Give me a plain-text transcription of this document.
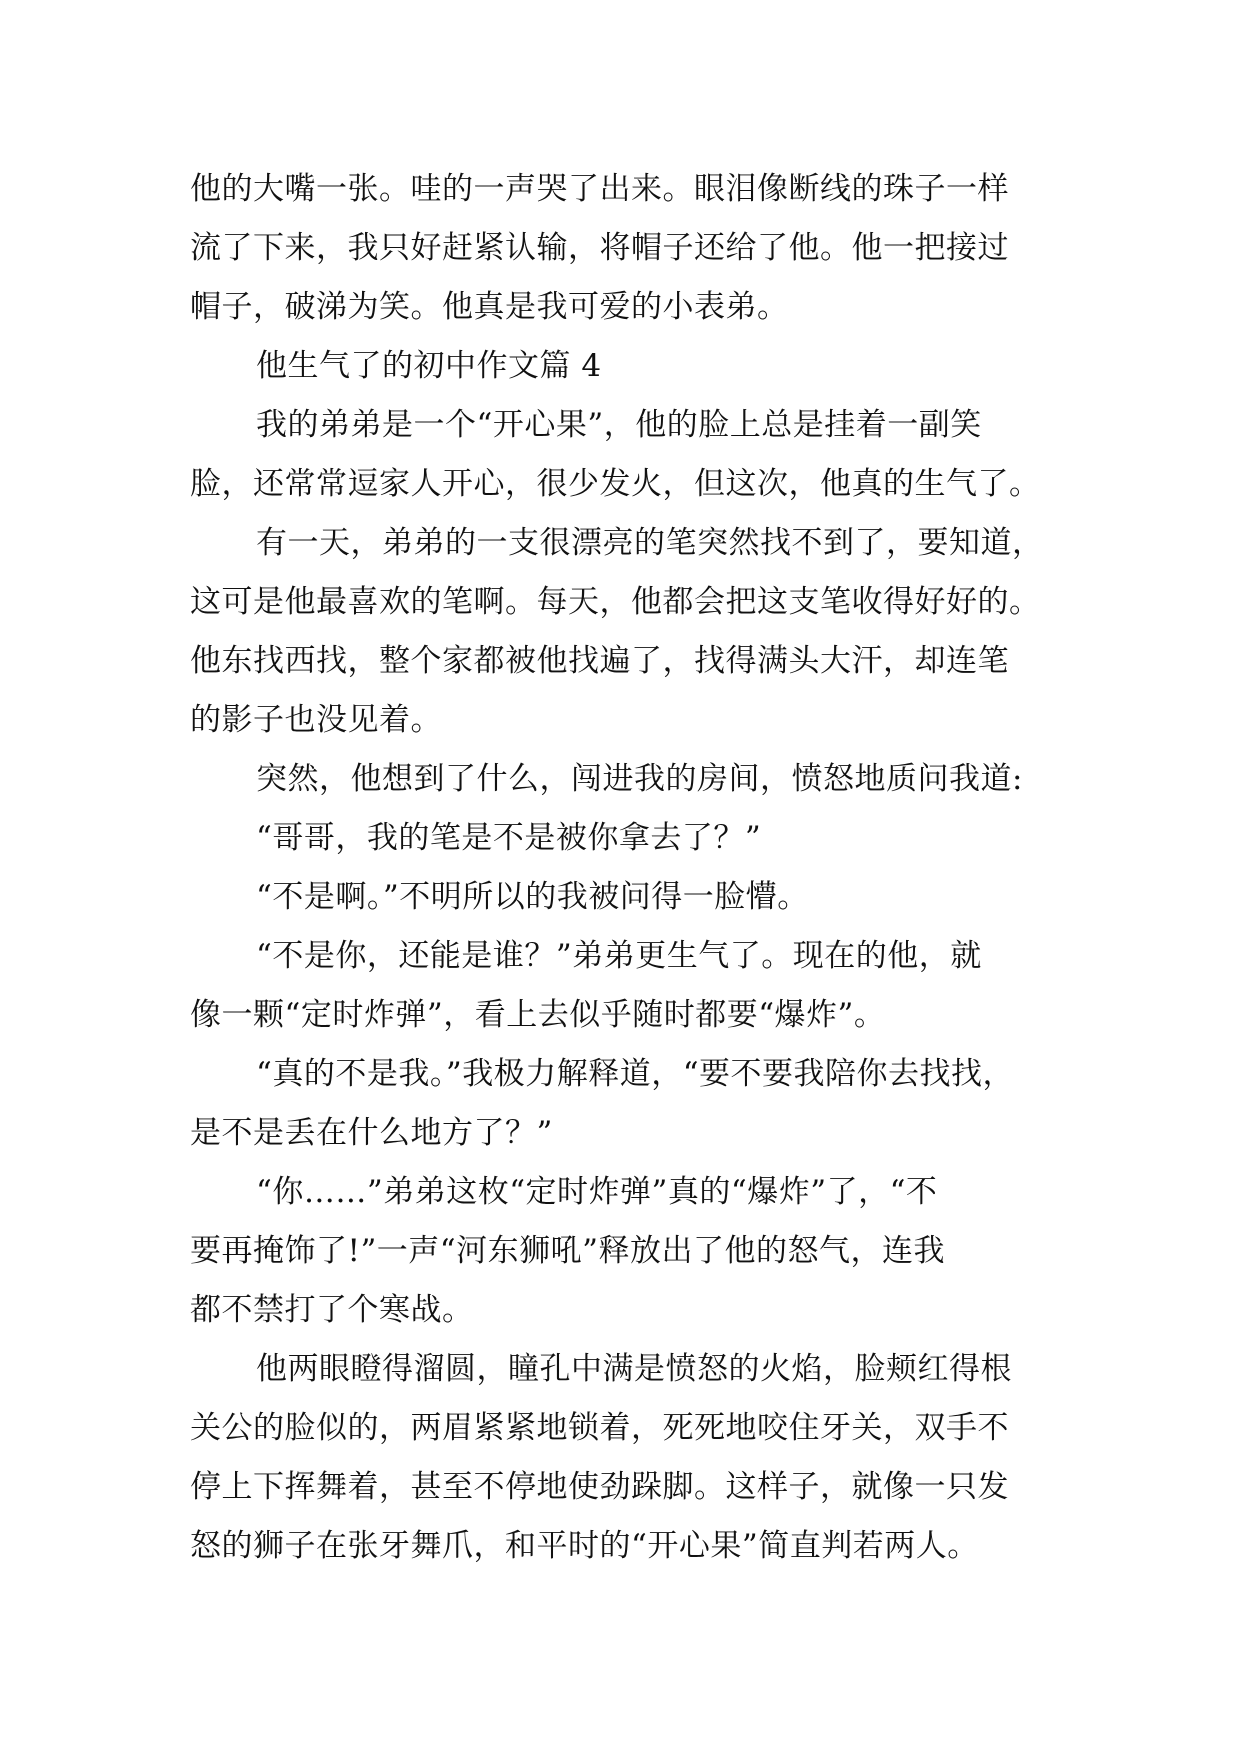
他的大嘴一张。哇的一声哭了出来。眼泪像断线的珠子一样
流了下来，我只好赶紧认输，将帽子还给了他。他一把接过
帽子，破涕为笑。他真是我可爱的小表弟。
他生气了的初中作文篇 4
我的弟弟是一个“开心果”，他的脸上总是挂着一副笑
脸，还常常逗家人开心，很少发火，但这次，他真的生气了。
有一天，弟弟的一支很漂亮的笔突然找不到了，要知道，
这可是他最喜欢的笔啊。每天，他都会把这支笔收得好好的。
他东找西找，整个家都被他找遍了，找得满头大汗，却连笔
的影子也没见着。
突然，他想到了什么，闯进我的房间，愤怒地质问我道:
“哥哥，我的笔是不是被你拿去了？”
“不是啊。”不明所以的我被问得一脸懵。
“不是你，还能是谁？”弟弟更生气了。现在的他，就
像一颗“定时炸弹”，看上去似乎随时都要“爆炸”。
“真的不是我。”我极力解释道，“要不要我陪你去找找，
是不是丢在什么地方了？”
“你……”弟弟这枚“定时炸弹”真的“爆炸”了，“不
要再掩饰了!”一声“河东狮吼”释放出了他的怒气，连我
都不禁打了个寒战。
他两眼瞪得溜圆，瞳孔中满是愤怒的火焰，脸颊红得根
关公的脸似的，两眉紧紧地锁着，死死地咬住牙关，双手不
停上下挥舞着，甚至不停地使劲跺脚。这样子，就像一只发
怒的狮子在张牙舞爪，和平时的“开心果”简直判若两人。
